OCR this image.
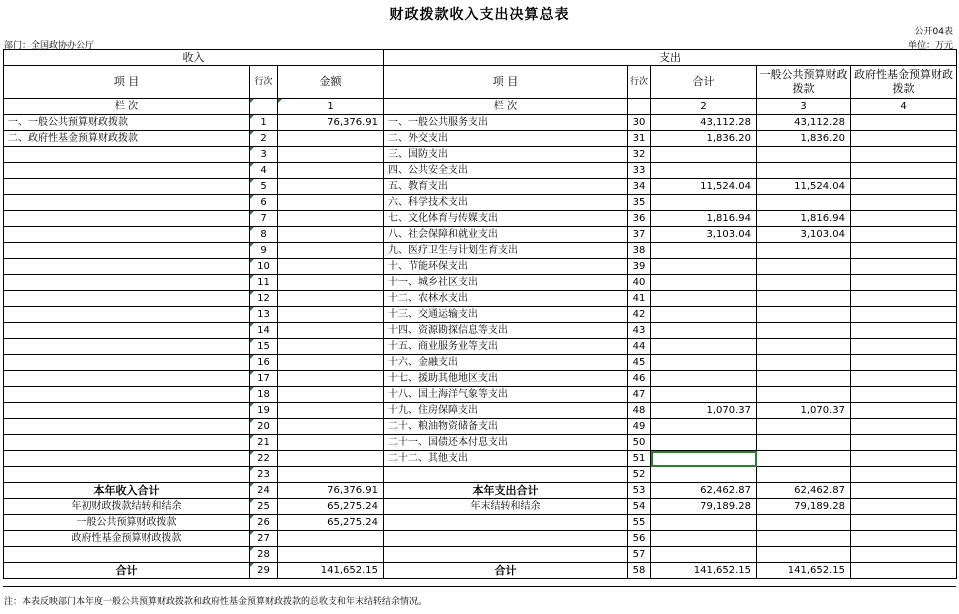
财政拨款收入支出决算总表
公开04表
部门：全国政协办公厅	单位：万元
收入			支出				
项 目	行次	金额	项 目	行次	合计	一般公共预算财政拨款	政府性基金预算财政拨款
栏 次		1	栏 次		2	3	4
一、一般公共预算财政拨款	1	76,376.91	一、一般公共服务支出	30	43,112.28	43,112.28	
二、政府性基金预算财政拨款	2		二、外交支出	31	1,836.20	1,836.20	
	3		三、国防支出	32			
	4		四、公共安全支出	33			
	5		五、教育支出	34	11,524.04	11,524.04	
	6		六、科学技术支出	35			
	7		七、文化体育与传媒支出	36	1,816.94	1,816.94	
	8		八、社会保障和就业支出	37	3,103.04	3,103.04	
	9		九、医疗卫生与计划生育支出	38			
	10		十、节能环保支出	39			
	11		十一、城乡社区支出	40			
	12		十二、农林水支出	41			
	13		十三、交通运输支出	42			
	14		十四、资源勘探信息等支出	43			
	15		十五、商业服务业等支出	44			
	16		十六、金融支出	45			
	17		十七、援助其他地区支出	46			
	18		十八、国土海洋气象等支出	47			
	19		十九、住房保障支出	48	1,070.37	1,070.37	
	20		二十、粮油物资储备支出	49			
	21		二十一、国债还本付息支出	50			
	22		二十二、其他支出	51			
	23			52			
本年收入合计	24	76,376.91	本年支出合计	53	62,462.87	62,462.87	
年初财政拨款结转和结余	25	65,275.24	年末结转和结余	54	79,189.28	79,189.28	
一般公共预算财政拨款	26	65,275.24		55			
政府性基金预算财政拨款	27			56			
	28			57			
合计	29	141,652.15	合计	58	141,652.15	141,652.15	
注：本表反映部门本年度一般公共预算财政拨款和政府性基金预算财政拨款的总收支和年末结转结余情况。
